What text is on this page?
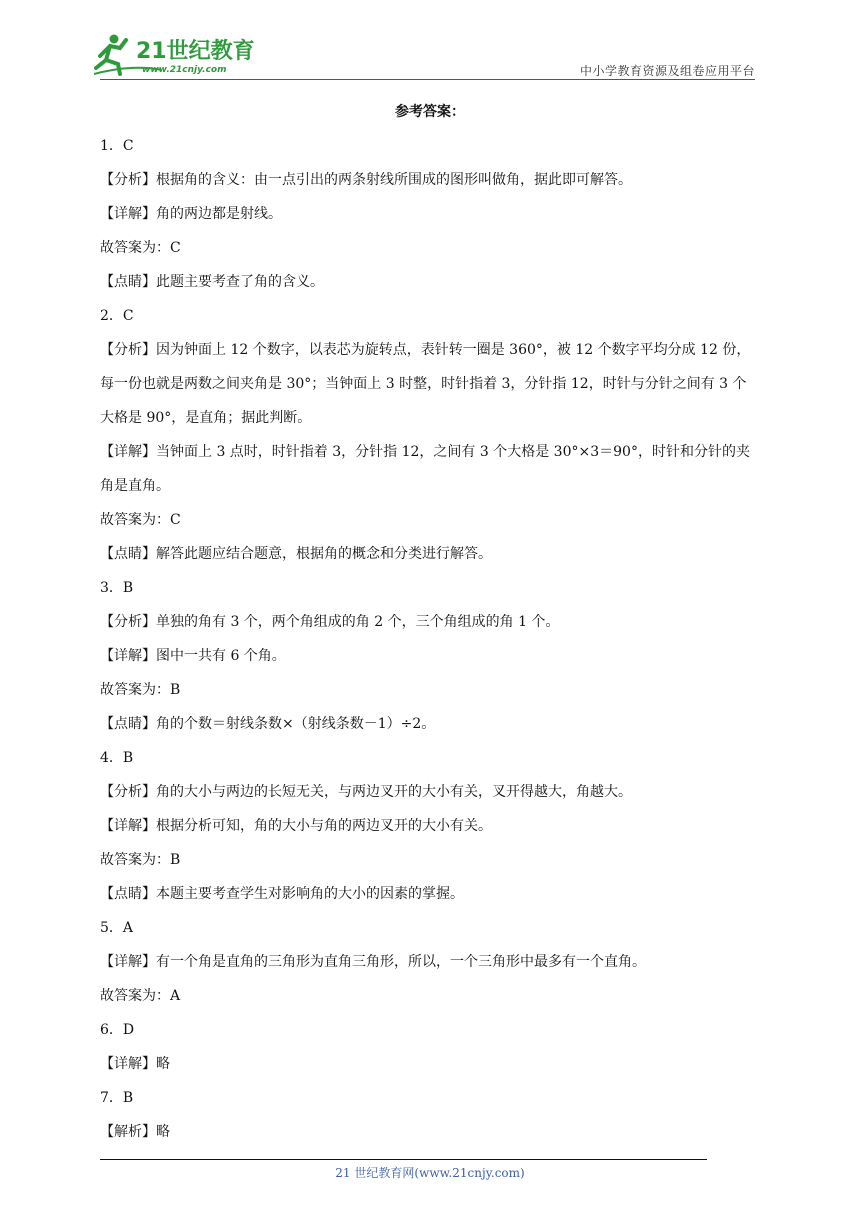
21世纪教育
www.21cnjy.com	中小学教育资源及组卷应用平台
参考答案：

1．C

【分析】根据角的含义：由一点引出的两条射线所围成的图形叫做角，据此即可解答。

【详解】角的两边都是射线。

故答案为：C

【点睛】此题主要考查了角的含义。

2．C

【分析】因为钟面上 12 个数字，以表芯为旋转点，表针转一圈是 360°，被 12 个数字平均分成 12 份，每一份也就是两数之间夹角是 30°；当钟面上 3 时整，时针指着 3，分针指 12，时针与分针之间有 3 个大格是 90°，是直角；据此判断。

【详解】当钟面上 3 点时，时针指着 3，分针指 12，之间有 3 个大格是 30°×3＝90°，时针和分针的夹角是直角。

故答案为：C

【点睛】解答此题应结合题意，根据角的概念和分类进行解答。

3．B

【分析】单独的角有 3 个，两个角组成的角 2 个，三个角组成的角 1 个。

【详解】图中一共有 6 个角。

故答案为：B

【点睛】角的个数＝射线条数×（射线条数－1）÷2。

4．B

【分析】角的大小与两边的长短无关，与两边叉开的大小有关，叉开得越大，角越大。

【详解】根据分析可知，角的大小与角的两边叉开的大小有关。

故答案为：B

【点睛】本题主要考查学生对影响角的大小的因素的掌握。

5．A

【详解】有一个角是直角的三角形为直角三角形，所以，一个三角形中最多有一个直角。

故答案为：A

6．D

【详解】略

7．B

【解析】略

21 世纪教育网(www.21cnjy.com)
